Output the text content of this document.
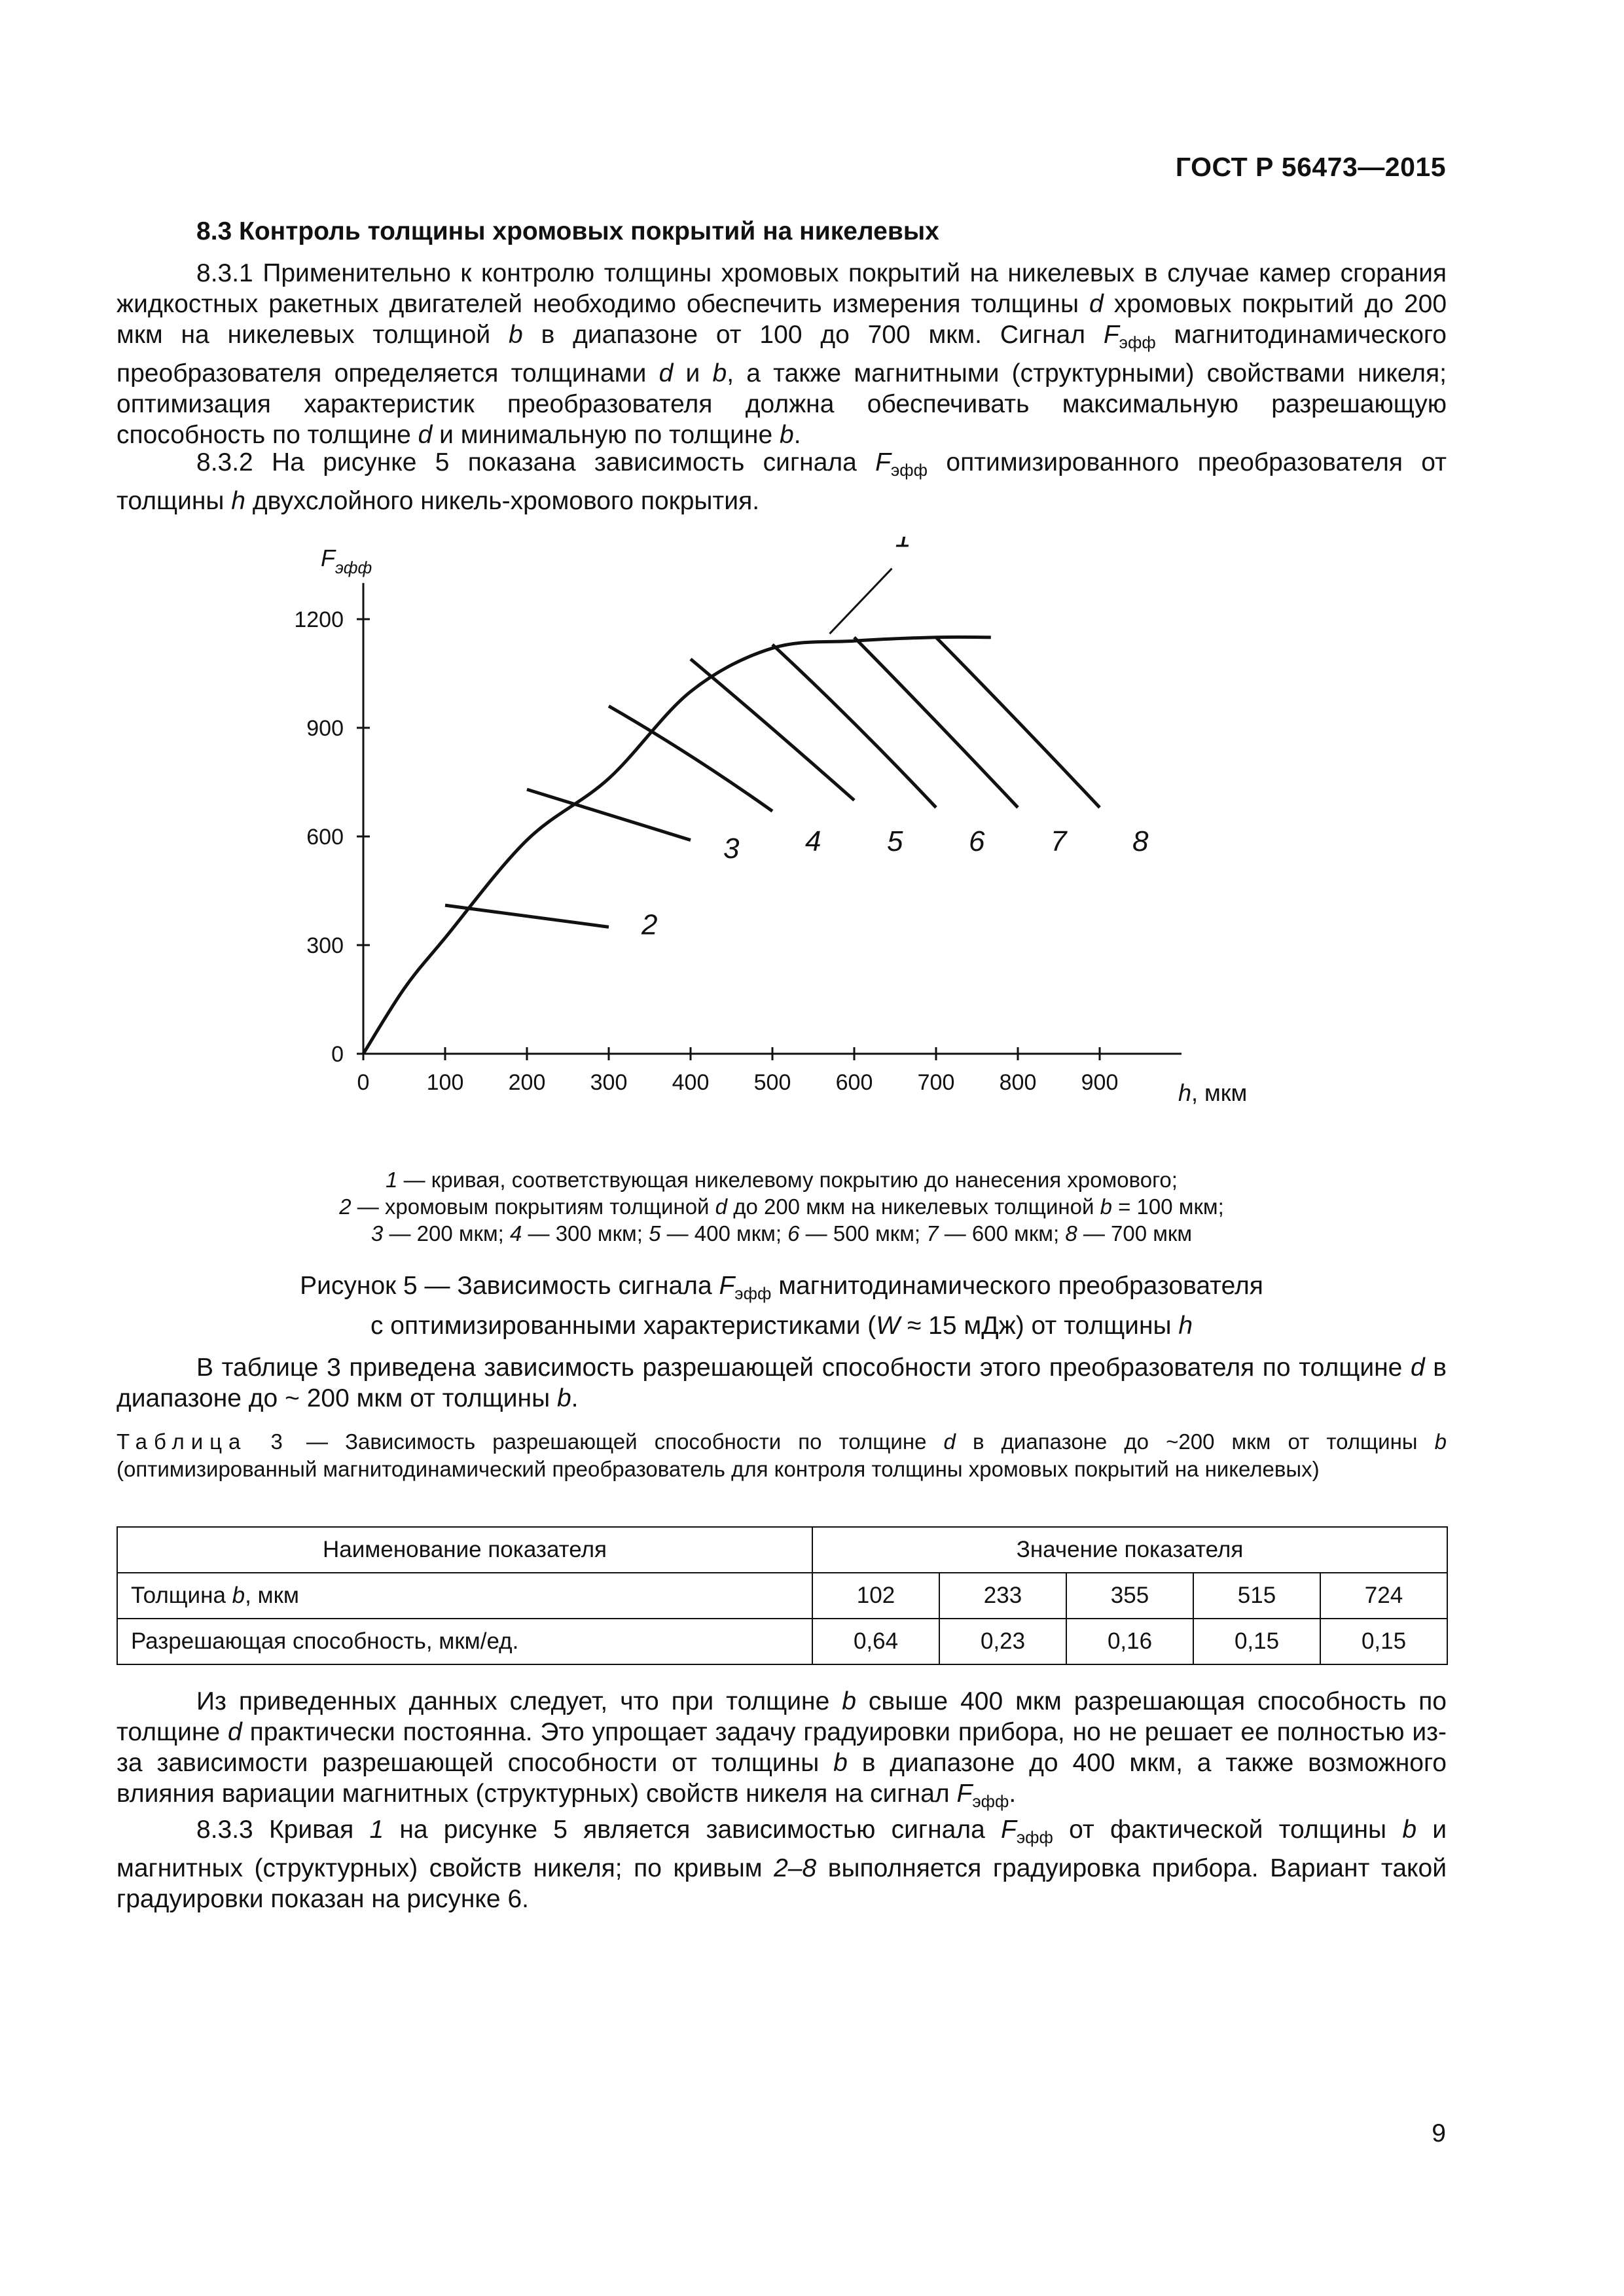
ГОСТ Р 56473—2015
8.3 Контроль толщины хромовых покрытий на никелевых
8.3.1 Применительно к контролю толщины хромовых покрытий на никелевых в случае камер сгорания жидкостных ракетных двигателей необходимо обеспечить измерения толщины d хромовых покрытий до 200 мкм на никелевых толщиной b в диапазоне от 100 до 700 мкм. Сигнал $F_{эфф}$ магнитодинамического преобразователя определяется толщинами d и b, а также магнитными (структурными) свойствами никеля; оптимизация характеристик преобразователя должна обеспечивать максимальную разрешающую способность по толщине d и минимальную по толщине b.
8.3.2 На рисунке 5 показана зависимость сигнала $F_{эфф}$ оптимизированного преобразователя от толщины h двухслойного никель-хромового покрытия.
0	100 200 300 400 500 600 700 800 900
0
300
600
900
1200
F эфф
h, мкм
1
2
3 4 5 6 7 8
1 — кривая, соответствующая никелевому покрытию до нанесения хромового;
2 — хромовым покрытиям толщиной d до 200 мкм на никелевых толщиной b = 100 мкм;
3 — 200 мкм; 4 — 300 мкм; 5 — 400 мкм; 6 — 500 мкм; 7 — 600 мкм; 8 — 700 мкм
Рисунок 5 — Зависимость сигнала $F_{эфф}$ магнитодинамического преобразователя
с оптимизированными характеристиками (W ≈ 15 мДж) от толщины h
В таблице 3 приведена зависимость разрешающей способности этого преобразователя по толщине d в диапазоне до ~ 200 мкм от толщины b.
Таблица 3 — Зависимость разрешающей способности по толщине d в диапазоне до ~200 мкм от толщины b (оптимизированный магнитодинамический преобразователь для контроля толщины хромовых покрытий на никелевых)
Наименование показателя	Значение показателя				
Толщина b, мкм	102	233	355	515	724
Разрешающая способность, мкм/ед.	0,64	0,23	0,16	0,15	0,15
Из приведенных данных следует, что при толщине b свыше 400 мкм разрешающая способность по толщине d практически постоянна. Это упрощает задачу градуировки прибора, но не решает ее полностью из-за зависимости разрешающей способности от толщины b в диапазоне до 400 мкм, а также возможного влияния вариации магнитных (структурных) свойств никеля на сигнал $F_{эфф}$.
8.3.3 Кривая 1 на рисунке 5 является зависимостью сигнала $F_{эфф}$ от фактической толщины b и магнитных (структурных) свойств никеля; по кривым 2–8 выполняется градуировка прибора. Вариант такой градуировки показан на рисунке 6.
9
